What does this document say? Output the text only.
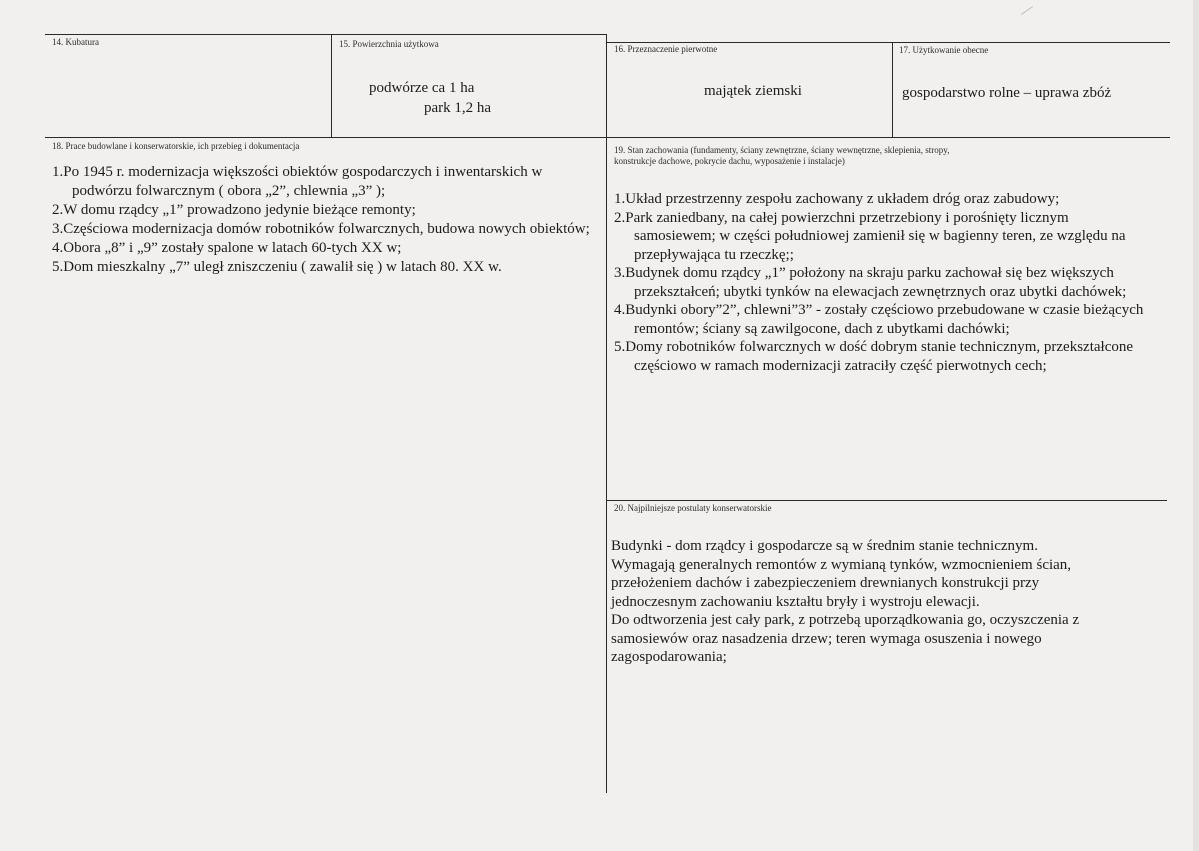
14. Kubatura	15. Powierzchnia użytkowa
podwórze ca 1 ha
park 1,2 ha
16. Przeznaczenie pierwotne
majątek ziemski
17. Użytkowanie obecne
gospodarstwo rolne – uprawa zbóż
18. Prace budowlane i konserwatorskie, ich przebieg i dokumentacja
1.Po 1945 r. modernizacja większości obiektów gospodarczych i inwentarskich w podwórzu folwarcznym ( obora „2”, chlewnia „3” );
2.W domu rządcy „1” prowadzono jedynie bieżące remonty;
3.Częściowa modernizacja domów robotników folwarcznych, budowa nowych obiektów;
4.Obora „8” i „9” zostały spalone w latach 60-tych XX w;
5.Dom mieszkalny „7” uległ zniszczeniu ( zawalił się ) w latach 80. XX w.
19. Stan zachowania (fundamenty, ściany zewnętrzne, ściany wewnętrzne, sklepienia, stropy,
konstrukcje dachowe, pokrycie dachu, wyposażenie i instalacje)
1.Układ przestrzenny zespołu zachowany z układem dróg oraz zabudowy;
2.Park zaniedbany, na całej powierzchni przetrzebiony i porośnięty licznym samosiewem; w części południowej zamienił się w bagienny teren, ze względu na przepływająca tu rzeczkę;;
3.Budynek domu rządcy „1” położony na skraju parku zachował się bez większych przekształceń; ubytki tynków na elewacjach zewnętrznych oraz ubytki dachówek;
4.Budynki obory”2”, chlewni”3” - zostały częściowo przebudowane w czasie bieżących remontów; ściany są zawilgocone, dach z ubytkami dachówki;
5.Domy robotników folwarcznych w dość dobrym stanie technicznym, przekształcone częściowo w ramach modernizacji zatraciły część pierwotnych cech;
20. Najpilniejsze postulaty konserwatorskie
Budynki - dom rządcy i gospodarcze są w średnim stanie technicznym.
Wymagają generalnych remontów z wymianą tynków, wzmocnieniem ścian,
przełożeniem dachów i zabezpieczeniem drewnianych konstrukcji przy
jednoczesnym zachowaniu kształtu bryły i wystroju elewacji.
Do odtworzenia jest cały park, z potrzebą uporządkowania go, oczyszczenia z
samosiewów oraz nasadzenia drzew; teren wymaga osuszenia i nowego
zagospodarowania;
